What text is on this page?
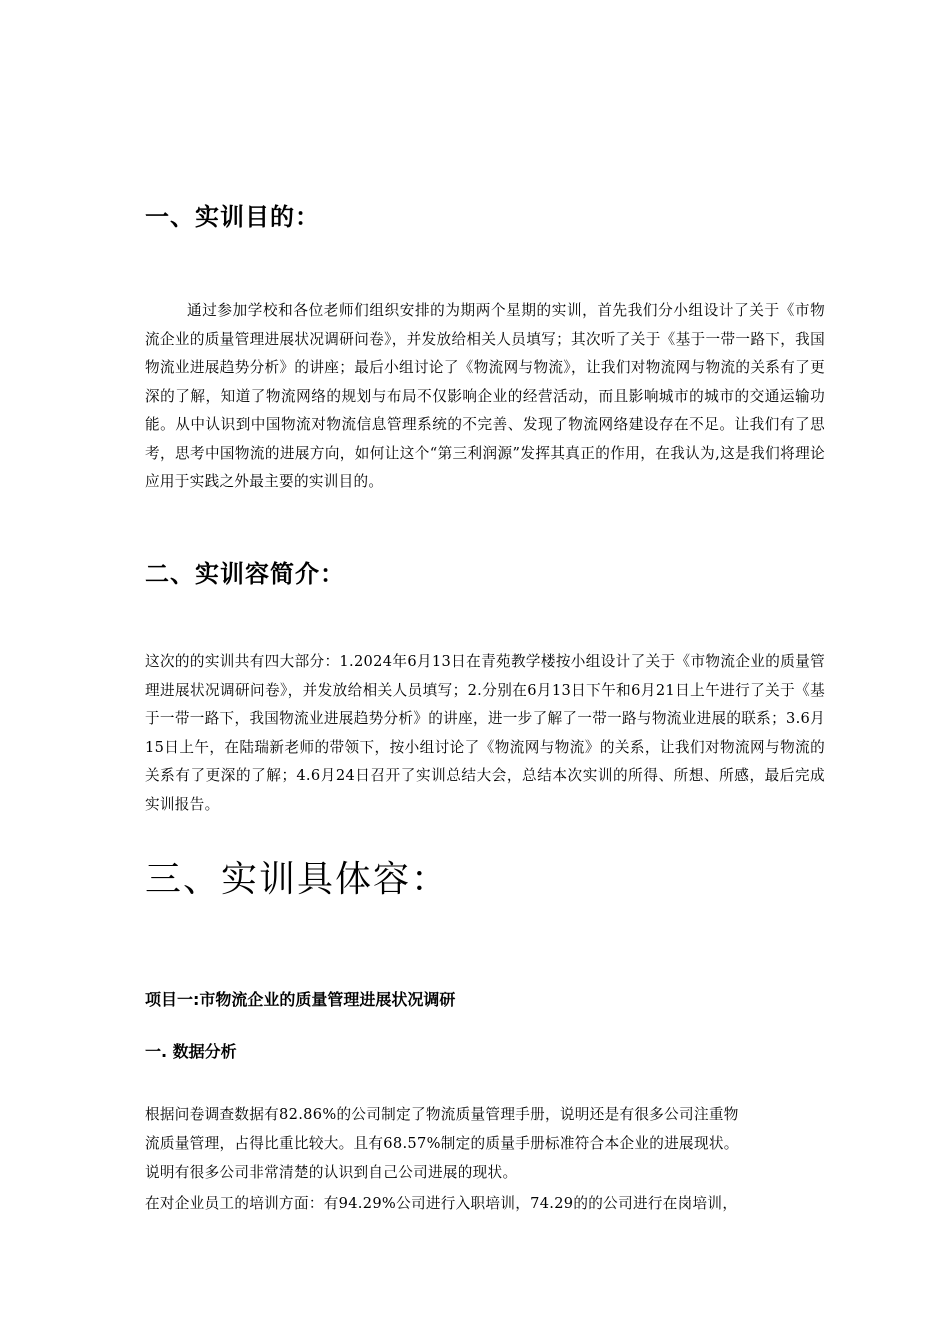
一、实训目的：

通过参加学校和各位老师们组织安排的为期两个星期的实训，首先我们分小组设计了关于《市物流企业的质量管理进展状况调研问卷》，并发放给相关人员填写；其次听了关于《基于一带一路下，我国物流业进展趋势分析》的讲座；最后小组讨论了《物流网与物流》，让我们对物流网与物流的关系有了更深的了解，知道了物流网络的规划与布局不仅影响企业的经营活动，而且影响城市的城市的交通运输功能。从中认识到中国物流对物流信息管理系统的不完善、发现了物流网络建设存在不足。让我们有了思考，思考中国物流的进展方向，如何让这个“第三利润源”发挥其真正的作用，在我认为,这是我们将理论应用于实践之外最主要的实训目的。

二、实训容简介：

这次的的实训共有四大部分：1.2024年6月13日在青苑教学楼按小组设计了关于《市物流企业的质量管理进展状况调研问卷》，并发放给相关人员填写；2.分别在6月13日下午和6月21日上午进行了关于《基于一带一路下，我国物流业进展趋势分析》的讲座，进一步了解了一带一路与物流业进展的联系；3.6月15日上午，在陆瑞新老师的带领下，按小组讨论了《物流网与物流》的关系，让我们对物流网与物流的关系有了更深的了解；4.6月24日召开了实训总结大会，总结本次实训的所得、所想、所感，最后完成实训报告。

三、实训具体容：
项目一:市物流企业的质量管理进展状况调研
一. 数据分析

根据问卷调查数据有82.86%的公司制定了物流质量管理手册，说明还是有很多公司注重物

流质量管理，占得比重比较大。且有68.57%制定的质量手册标准符合本企业的进展现状。

说明有很多公司非常清楚的认识到自己公司进展的现状。

在对企业员工的培训方面：有94.29%公司进行入职培训，74.29的的公司进行在岗培训，
